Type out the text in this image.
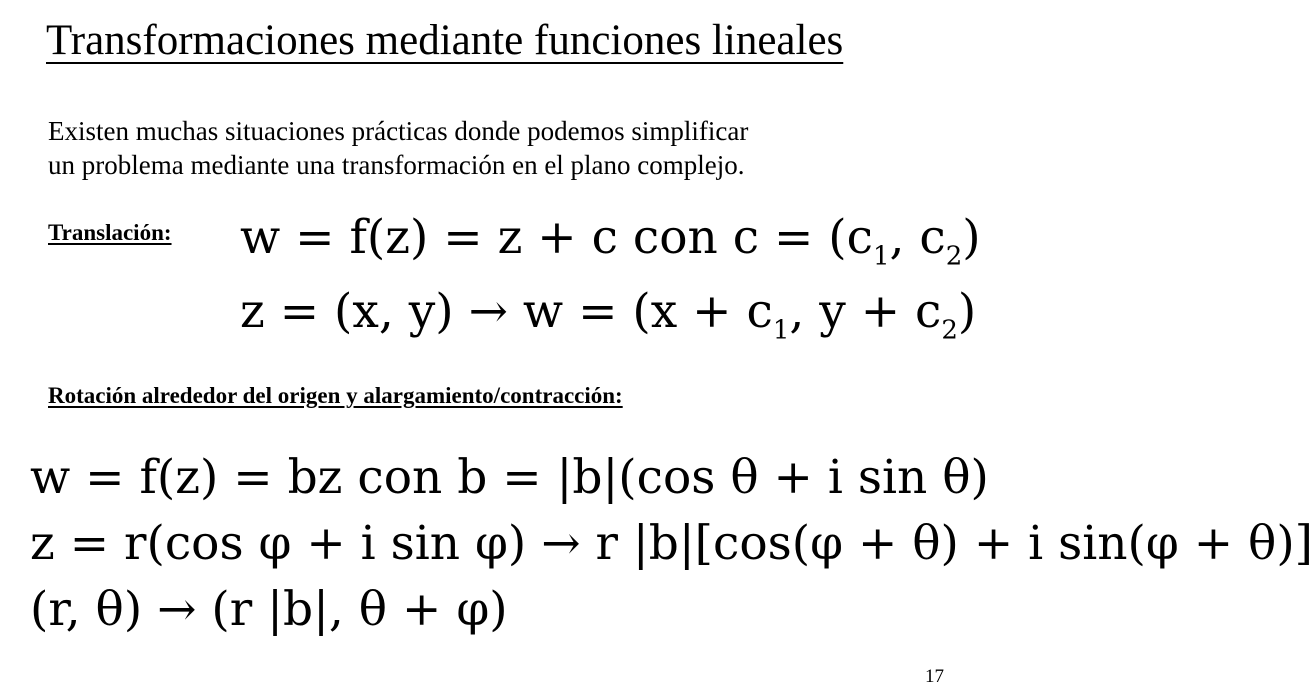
Transformaciones mediante funciones lineales
Existen muchas situaciones prácticas donde podemos simplificar
un problema mediante una transformación en el plano complejo.
Translación: w = f(z) = z + c con $c = (c_1$, $c_2$)
z = (x, $y) \to w = (x + c_1$, $y + c_2$)
Rotación alrededor del origen y alargamiento/contracción:
w = f(z) = bz con b = |b|(cos θ + i sin θ)
z = r(cos φ + i sin φ) → r |b|[cos(φ + θ) + i sin(φ + θ)]
(r, θ) → (r |b|, θ + φ)
17
